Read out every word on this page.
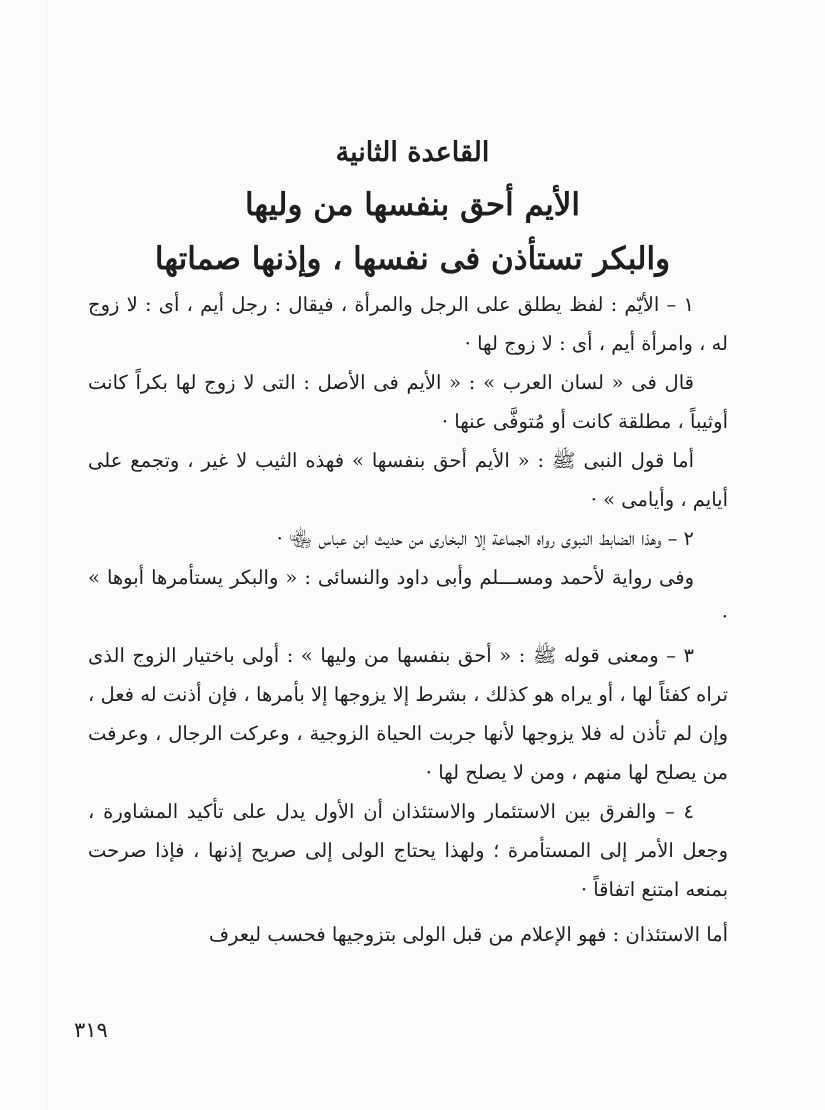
القاعدة الثانية
الأيم أحق بنفسها من وليها
والبكر تستأذن فى نفسها ، وإذنها صماتها

١ – الأيّم : لفظ يطلق على الرجل والمرأة ، فيقال : رجل أيم ، أى : لا زوج له ، وامرأة أيم ، أى : لا زوج لها ·

قال فى « لسان العرب » : « الأيم فى الأصل : التى لا زوج لها بكراً كانت أوثيباً ، مطلقة كانت أو مُتوفَّى عنها ·

أما قول النبى ﷺ : « الأيم أحق بنفسها » فهذه الثيب لا غير ، وتجمع على أيايم ، وأيامى » ·

٢ – وهذا الضابط النبوى رواه الجماعة إلا البخارى من حديث ابن عباس ﵄ ·

وفى رواية لأحمد ومســـلم وأبى داود والنسائى : « والبكر يستأمرها أبوها » ·

٣ – ومعنى قوله ﷺ : « أحق بنفسها من وليها » : أولى باختيار الزوج الذى تراه كفئاً لها ، أو يراه هو كذلك ، بشرط إلا يزوجها إلا بأمرها ، فإن أذنت له فعل ، وإن لم تأذن له فلا يزوجها لأنها جربت الحياة الزوجية ، وعركت الرجال ، وعرفت من يصلح لها منهم ، ومن لا يصلح لها ·

٤ – والفرق بين الاستئمار والاستئذان أن الأول يدل على تأكيد المشاورة ، وجعل الأمر إلى المستأمرة ؛ ولهذا يحتاج الولى إلى صريح إذنها ، فإذا صرحت بمنعه امتنع اتفاقاً ·

أما الاستئذان : فهو الإعلام من قبل الولى بتزوجيها فحسب ليعرف

٣١٩
